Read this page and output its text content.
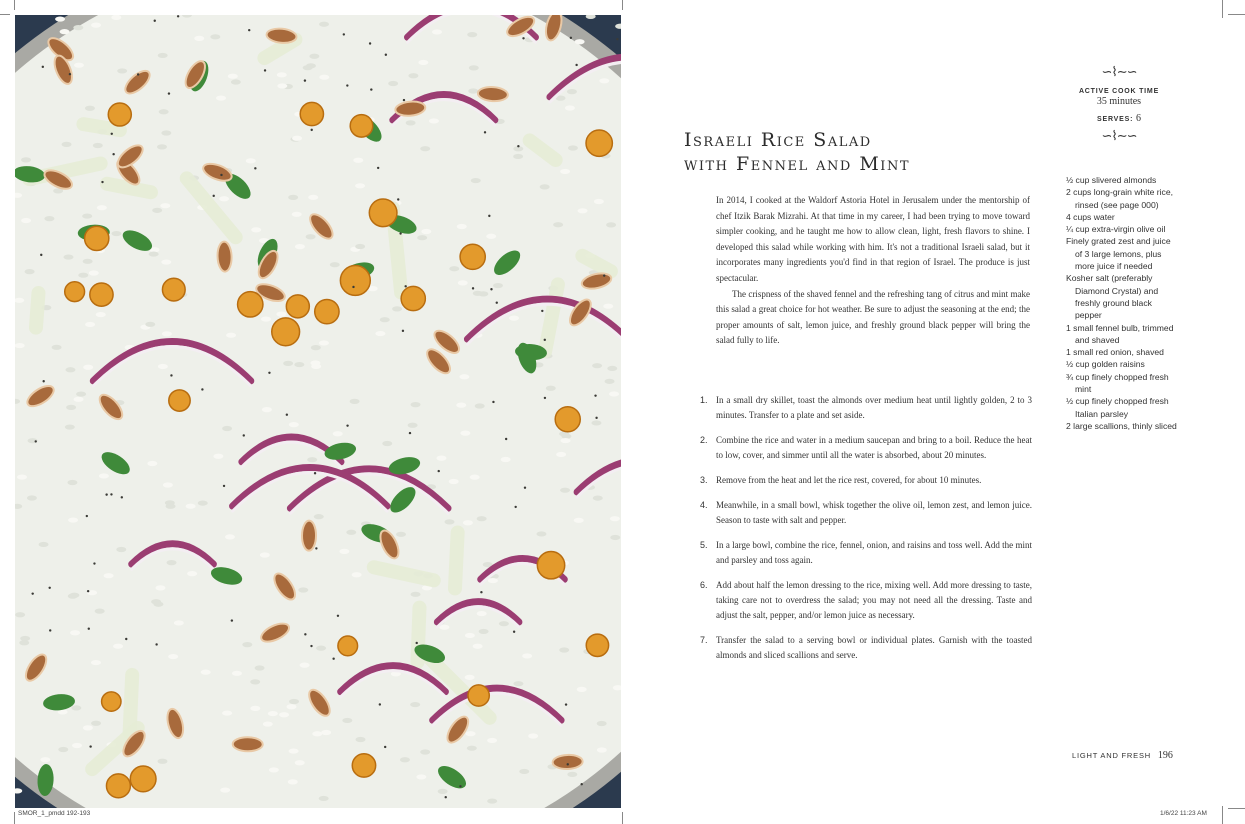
∽⌇∼∽
ACTIVE COOK TIME
35 minutes
SERVES: 6
∽⌇∼∽
Israeli Rice Salad
with Fennel and Mint

In 2014, I cooked at the Waldorf Astoria Hotel in Jerusalem under the mentorship of chef Itzik Barak Mizrahi. At that time in my career, I had been trying to move toward simpler cooking, and he taught me how to allow clean, light, fresh flavors to shine. I developed this salad while working with him. It's not a traditional Israeli salad, but it incorporates many ingredients you'd find in that region of Israel. The produce is just spectacular.

The crispness of the shaved fennel and the refreshing tang of citrus and mint make this salad a great choice for hot weather. Be sure to adjust the seasoning at the end; the proper amounts of salt, lemon juice, and freshly ground black pepper will bring the salad fully to life.

1. In a small dry skillet, toast the almonds over medium heat until lightly golden, 2 to 3 minutes. Transfer to a plate and set aside.
2. Combine the rice and water in a medium saucepan and bring to a boil. Reduce the heat to low, cover, and simmer until all the water is absorbed, about 20 minutes.
3. Remove from the heat and let the rice rest, covered, for about 10 minutes.
4. Meanwhile, in a small bowl, whisk together the olive oil, lemon zest, and lemon juice. Season to taste with salt and pepper.
5. In a large bowl, combine the rice, fennel, onion, and raisins and toss well. Add the mint and parsley and toss again.
6. Add about half the lemon dressing to the rice, mixing well. Add more dressing to taste, taking care not to overdress the salad; you may not need all the dressing. Taste and adjust the salt, pepper, and/or lemon juice as necessary.
7. Transfer the salad to a serving bowl or individual plates. Garnish with the toasted almonds and sliced scallions and serve.
½ cup slivered almonds
2 cups long-grain white rice, rinsed (see page 000)
4 cups water
¼ cup extra-virgin olive oil
Finely grated zest and juice of 3 large lemons, plus more juice if needed
Kosher salt (preferably Diamond Crystal) and freshly ground black pepper
1 small fennel bulb, trimmed and shaved
1 small red onion, shaved
½ cup golden raisins
¾ cup finely chopped fresh mint
½ cup finely chopped fresh Italian parsley
2 large scallions, thinly sliced
LIGHT AND FRESH 196
SMOR_1_pmdd 192-193	1/6/22 11:23 AM
